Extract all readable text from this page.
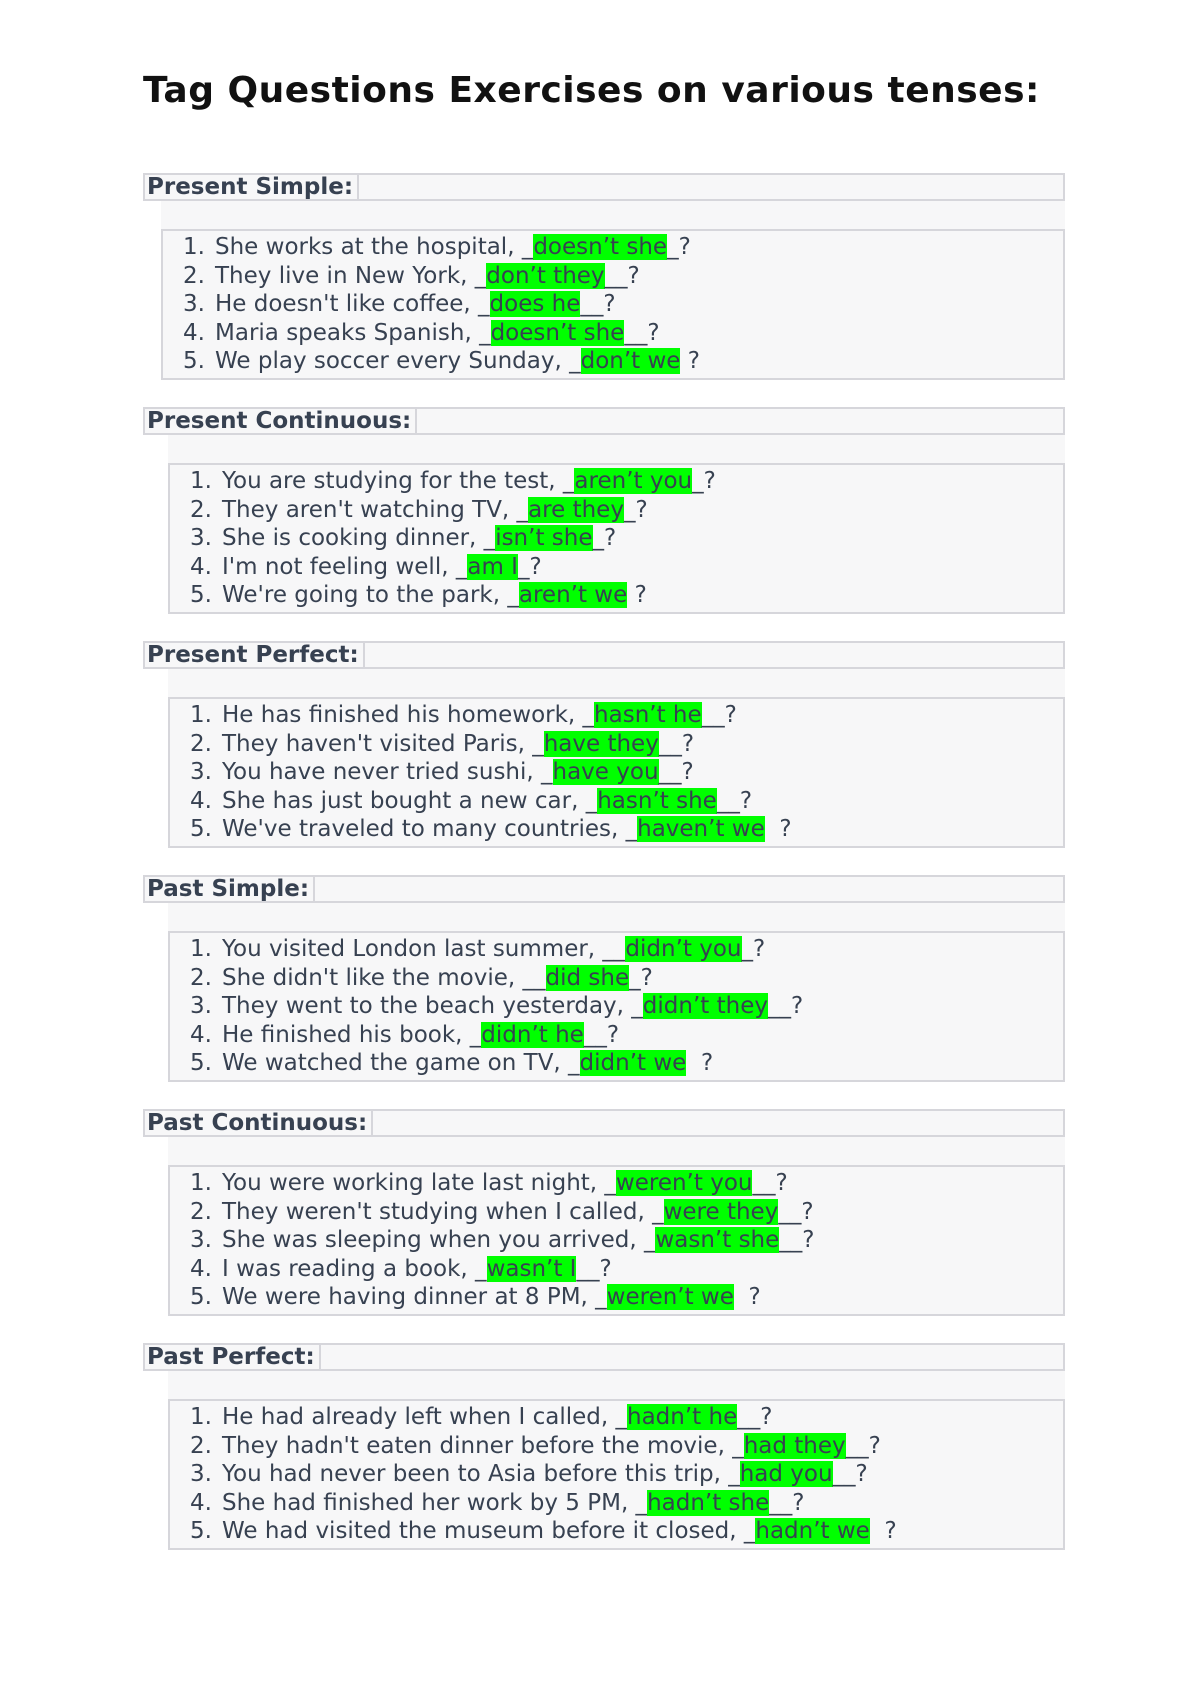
Tag Questions Exercises on various tenses:
Present Simple:
1. She works at the hospital, _doesn’t she_?
2. They live in New York, _don’t they__?
3. He doesn't like coffee, _does he__?
4. Maria speaks Spanish, _doesn’t she__?
5. We play soccer every Sunday, _don’t we ?
Present Continuous:
1. You are studying for the test, _aren’t you_?
2. They aren't watching TV, _are they_?
3. She is cooking dinner, _isn’t she_?
4. I'm not feeling well, _am I_?
5. We're going to the park, _aren’t we ?
Present Perfect:
1. He has finished his homework, _hasn’t he__?
2. They haven't visited Paris, _have they__?
3. You have never tried sushi, _have you__?
4. She has just bought a new car, _hasn’t she__?
5. We've traveled to many countries, _haven’t we  ?
Past Simple:
1. You visited London last summer, __didn’t you_?
2. She didn't like the movie, __did she_?
3. They went to the beach yesterday, _didn’t they__?
4. He finished his book, _didn’t he__?
5. We watched the game on TV, _didn’t we  ?
Past Continuous:
1. You were working late last night, _weren’t you__?
2. They weren't studying when I called, _were they__?
3. She was sleeping when you arrived, _wasn’t she__?
4. I was reading a book, _wasn’t I__?
5. We were having dinner at 8 PM, _weren’t we  ?
Past Perfect:
1. He had already left when I called, _hadn’t he__?
2. They hadn't eaten dinner before the movie, _had they__?
3. You had never been to Asia before this trip, _had you__?
4. She had finished her work by 5 PM, _hadn’t she__?
5. We had visited the museum before it closed, _hadn’t we  ?
